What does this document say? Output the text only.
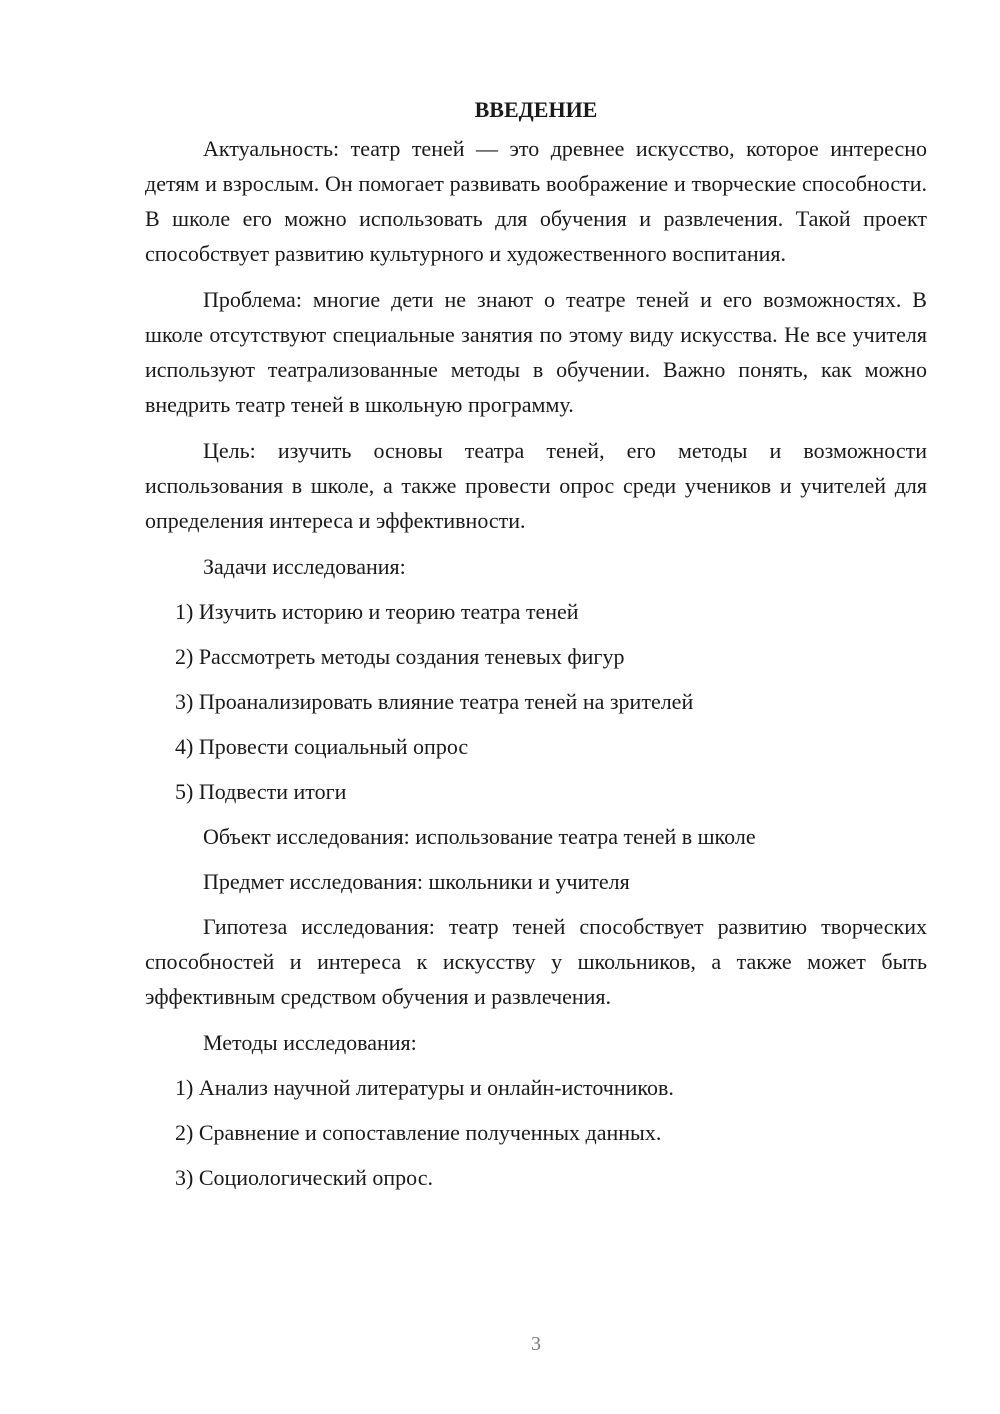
ВВЕДЕНИЕ

Актуальность: театр теней — это древнее искусство, которое интересно детям и взрослым. Он помогает развивать воображение и творческие способности. В школе его можно использовать для обучения и развлечения. Такой проект способствует развитию культурного и художественного воспитания.

Проблема: многие дети не знают о театре теней и его возможностях. В школе отсутствуют специальные занятия по этому виду искусства. Не все учителя используют театрализованные методы в обучении. Важно понять, как можно внедрить театр теней в школьную программу.

Цель: изучить основы театра теней, его методы и возможности использования в школе, а также провести опрос среди учеников и учителей для определения интереса и эффективности.

Задачи исследования:

1) Изучить историю и теорию театра теней

2) Рассмотреть методы создания теневых фигур

3) Проанализировать влияние театра теней на зрителей

4) Провести социальный опрос

5) Подвести итоги

Объект исследования: использование театра теней в школе

Предмет исследования: школьники и учителя

Гипотеза исследования: театр теней способствует развитию творческих способностей и интереса к искусству у школьников, а также может быть эффективным средством обучения и развлечения.

Методы исследования:

1) Анализ научной литературы и онлайн-источников.

2) Сравнение и сопоставление полученных данных.

3) Социологический опрос.

3
